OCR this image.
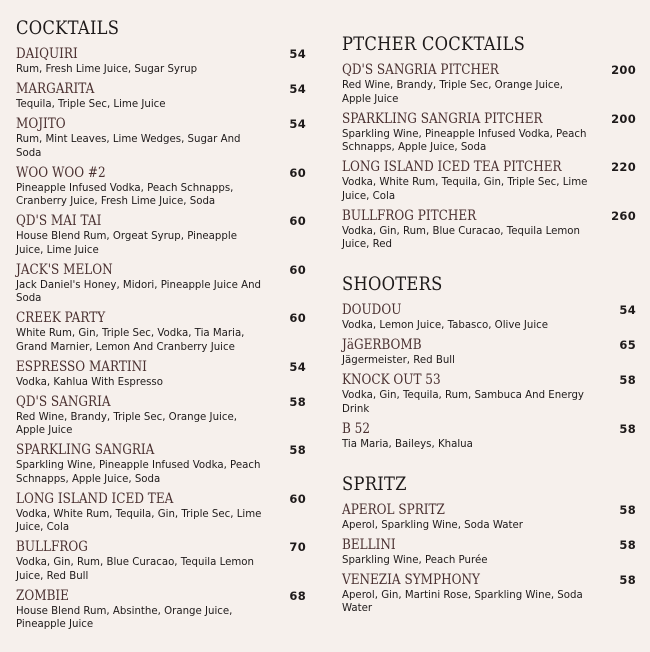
COCKTAILS
DAIQUIRI
Rum, Fresh Lime Juice, Sugar Syrup
54
MARGARITA
Tequila, Triple Sec, Lime Juice
54
MOJITO
Rum, Mint Leaves, Lime Wedges, Sugar And Soda
54
WOO WOO #2
Pineapple Infused Vodka, Peach Schnapps, Cranberry Juice, Fresh Lime Juice, Soda
60
QD'S MAI TAI
House Blend Rum, Orgeat Syrup, Pineapple Juice, Lime Juice
60
JACK'S MELON
Jack Daniel's Honey, Midori, Pineapple Juice And Soda
60
CREEK PARTY
White Rum, Gin, Triple Sec, Vodka, Tia Maria, Grand Marnier, Lemon And Cranberry Juice
60
ESPRESSO MARTINI
Vodka, Kahlua With Espresso
54
QD'S SANGRIA
Red Wine, Brandy, Triple Sec, Orange Juice, Apple Juice
58
SPARKLING SANGRIA
Sparkling Wine, Pineapple Infused Vodka, Peach Schnapps, Apple Juice, Soda
58
LONG ISLAND ICED TEA
Vodka, White Rum, Tequila, Gin, Triple Sec, Lime Juice, Cola
60
BULLFROG
Vodka, Gin, Rum, Blue Curacao, Tequila Lemon Juice, Red Bull
70
ZOMBIE
House Blend Rum, Absinthe, Orange Juice, Pineapple Juice
68
PTCHER COCKTAILS
QD'S SANGRIA PITCHER
Red Wine, Brandy, Triple Sec, Orange Juice, Apple Juice
200
SPARKLING SANGRIA PITCHER
Sparkling Wine, Pineapple Infused Vodka, Peach Schnapps, Apple Juice, Soda
200
LONG ISLAND ICED TEA PITCHER
Vodka, White Rum, Tequila, Gin, Triple Sec, Lime Juice, Cola
220
BULLFROG PITCHER
Vodka, Gin, Rum, Blue Curacao, Tequila Lemon Juice, Red
260
SHOOTERS
DOUDOU
Vodka, Lemon Juice, Tabasco, Olive Juice
54
JäGERBOMB
Jägermeister, Red Bull
65
KNOCK OUT 53
Vodka, Gin, Tequila, Rum, Sambuca And Energy Drink
58
B 52
Tia Maria, Baileys, Khalua
58
SPRITZ
APEROL SPRITZ
Aperol, Sparkling Wine, Soda Water
58
BELLINI
Sparkling Wine, Peach Purée
58
VENEZIA SYMPHONY
Aperol, Gin, Martini Rose, Sparkling Wine, Soda Water
58
